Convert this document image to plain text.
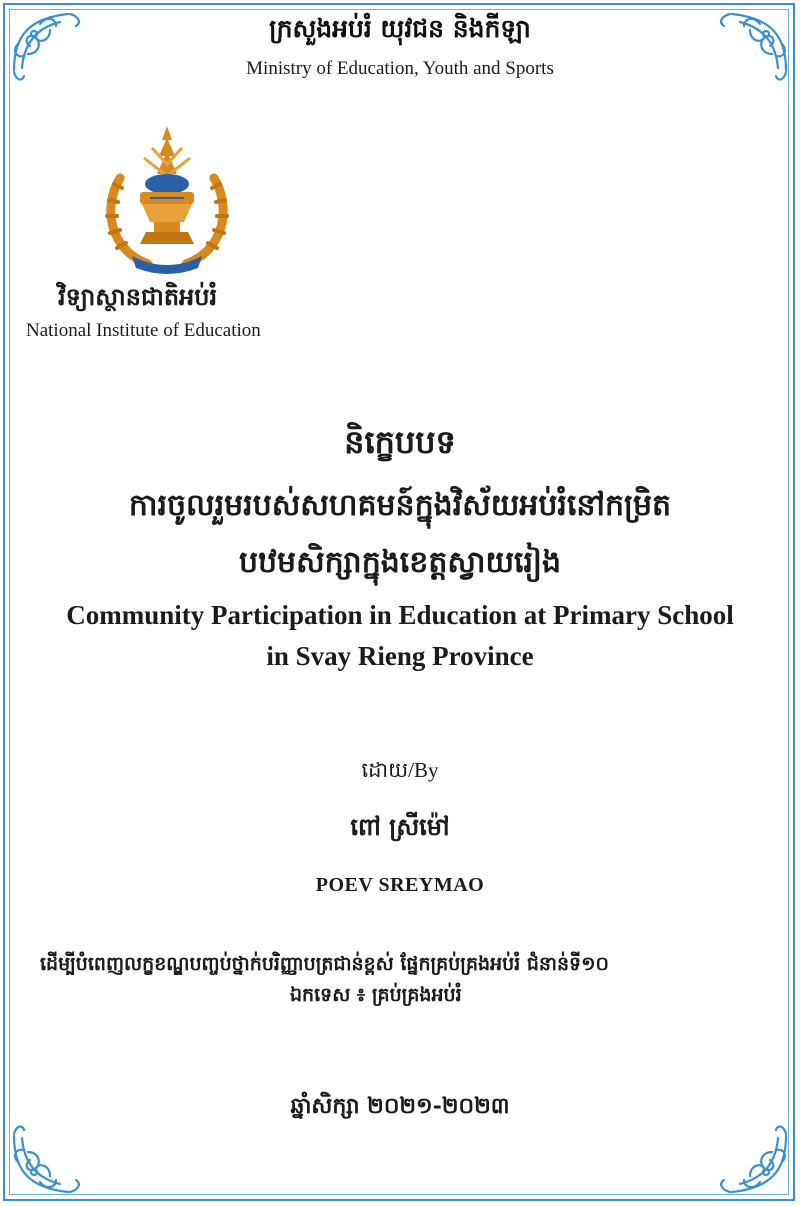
ក្រសួងអប់រំ យុវជន និងកីឡា
Ministry of Education, Youth and Sports
វិទ្យាស្ថានជាតិអប់រំ
National Institute of Education
និក្ខេបបទ
ការចូលរួមរបស់សហគមន៍ក្នុងវិស័យអប់រំនៅកម្រិត
បឋមសិក្សាក្នុងខេត្តស្វាយរៀង
Community Participation in Education at Primary School
in Svay Rieng Province
ដោយ/By
ពៅ ស្រីម៉ៅ
POEV SREYMAO
ដើម្បីបំពេញលក្ខខណ្ឌបញ្ចប់ថ្នាក់បរិញ្ញាបត្រជាន់ខ្ពស់ ផ្នែកគ្រប់គ្រងអប់រំ ជំនាន់ទី១០
ឯកទេស ៖ គ្រប់គ្រងអប់រំ
ឆ្នាំសិក្សា ២០២១-២០២៣
